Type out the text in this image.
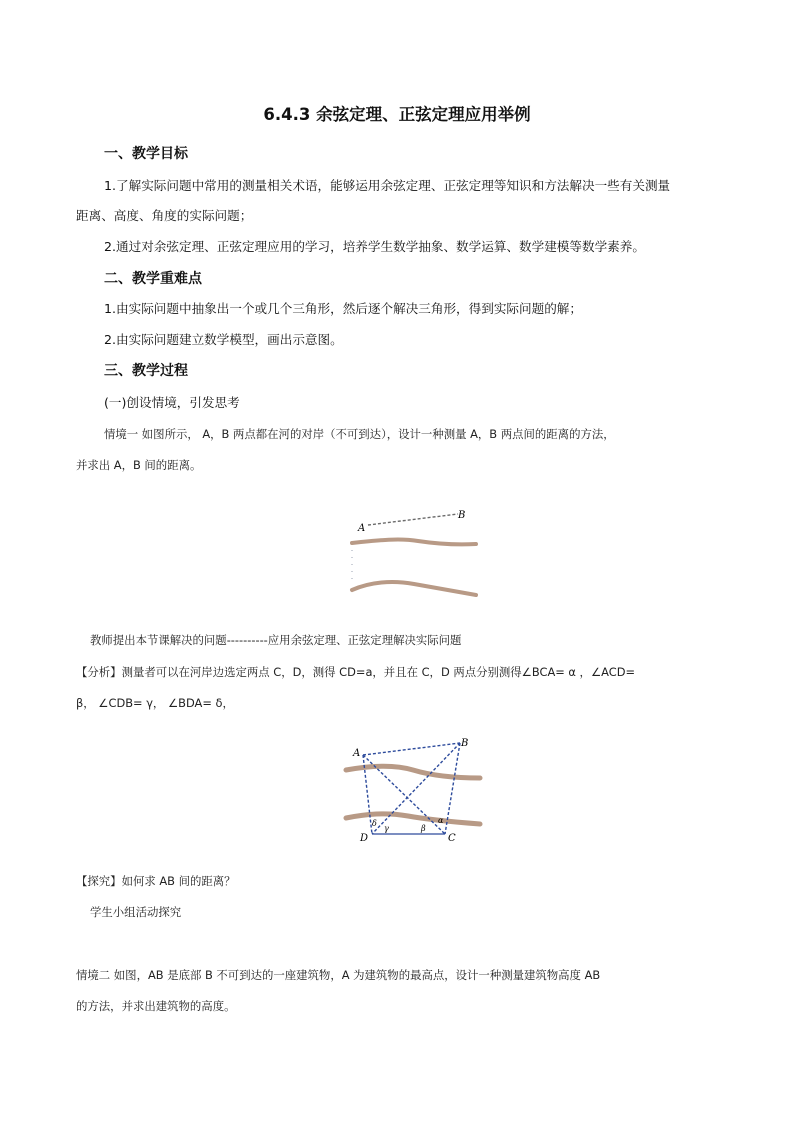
6.4.3 余弦定理、正弦定理应用举例
一、教学目标
1.了解实际问题中常用的测量相关术语，能够运用余弦定理、正弦定理等知识和方法解决一些有关测量
距离、高度、角度的实际问题；
2.通过对余弦定理、正弦定理应用的学习，培养学生数学抽象、数学运算、数学建模等数学素养。
二、教学重难点
1.由实际问题中抽象出一个或几个三角形，然后逐个解决三角形，得到实际问题的解；
2.由实际问题建立数学模型，画出示意图。
三、教学过程
(一)创设情境，引发思考
情境一 如图所示， A，B 两点都在河的对岸（不可到达），设计一种测量 A，B 两点间的距离的方法，
并求出 A，B 间的距离。
A
B
教师提出本节课解决的问题----------应用余弦定理、正弦定理解决实际问题
【分析】测量者可以在河岸边选定两点 C，D，测得 CD=a，并且在 C，D 两点分别测得∠BCA= α ，∠ACD=
β， ∠CDB= γ， ∠BDA= δ，
A
B
D	C
δ
γ	β
α
【探究】如何求 AB 间的距离？
学生小组活动探究
情境二 如图，AB 是底部 B 不可到达的一座建筑物，A 为建筑物的最高点，设计一种测量建筑物高度 AB
的方法，并求出建筑物的高度。
